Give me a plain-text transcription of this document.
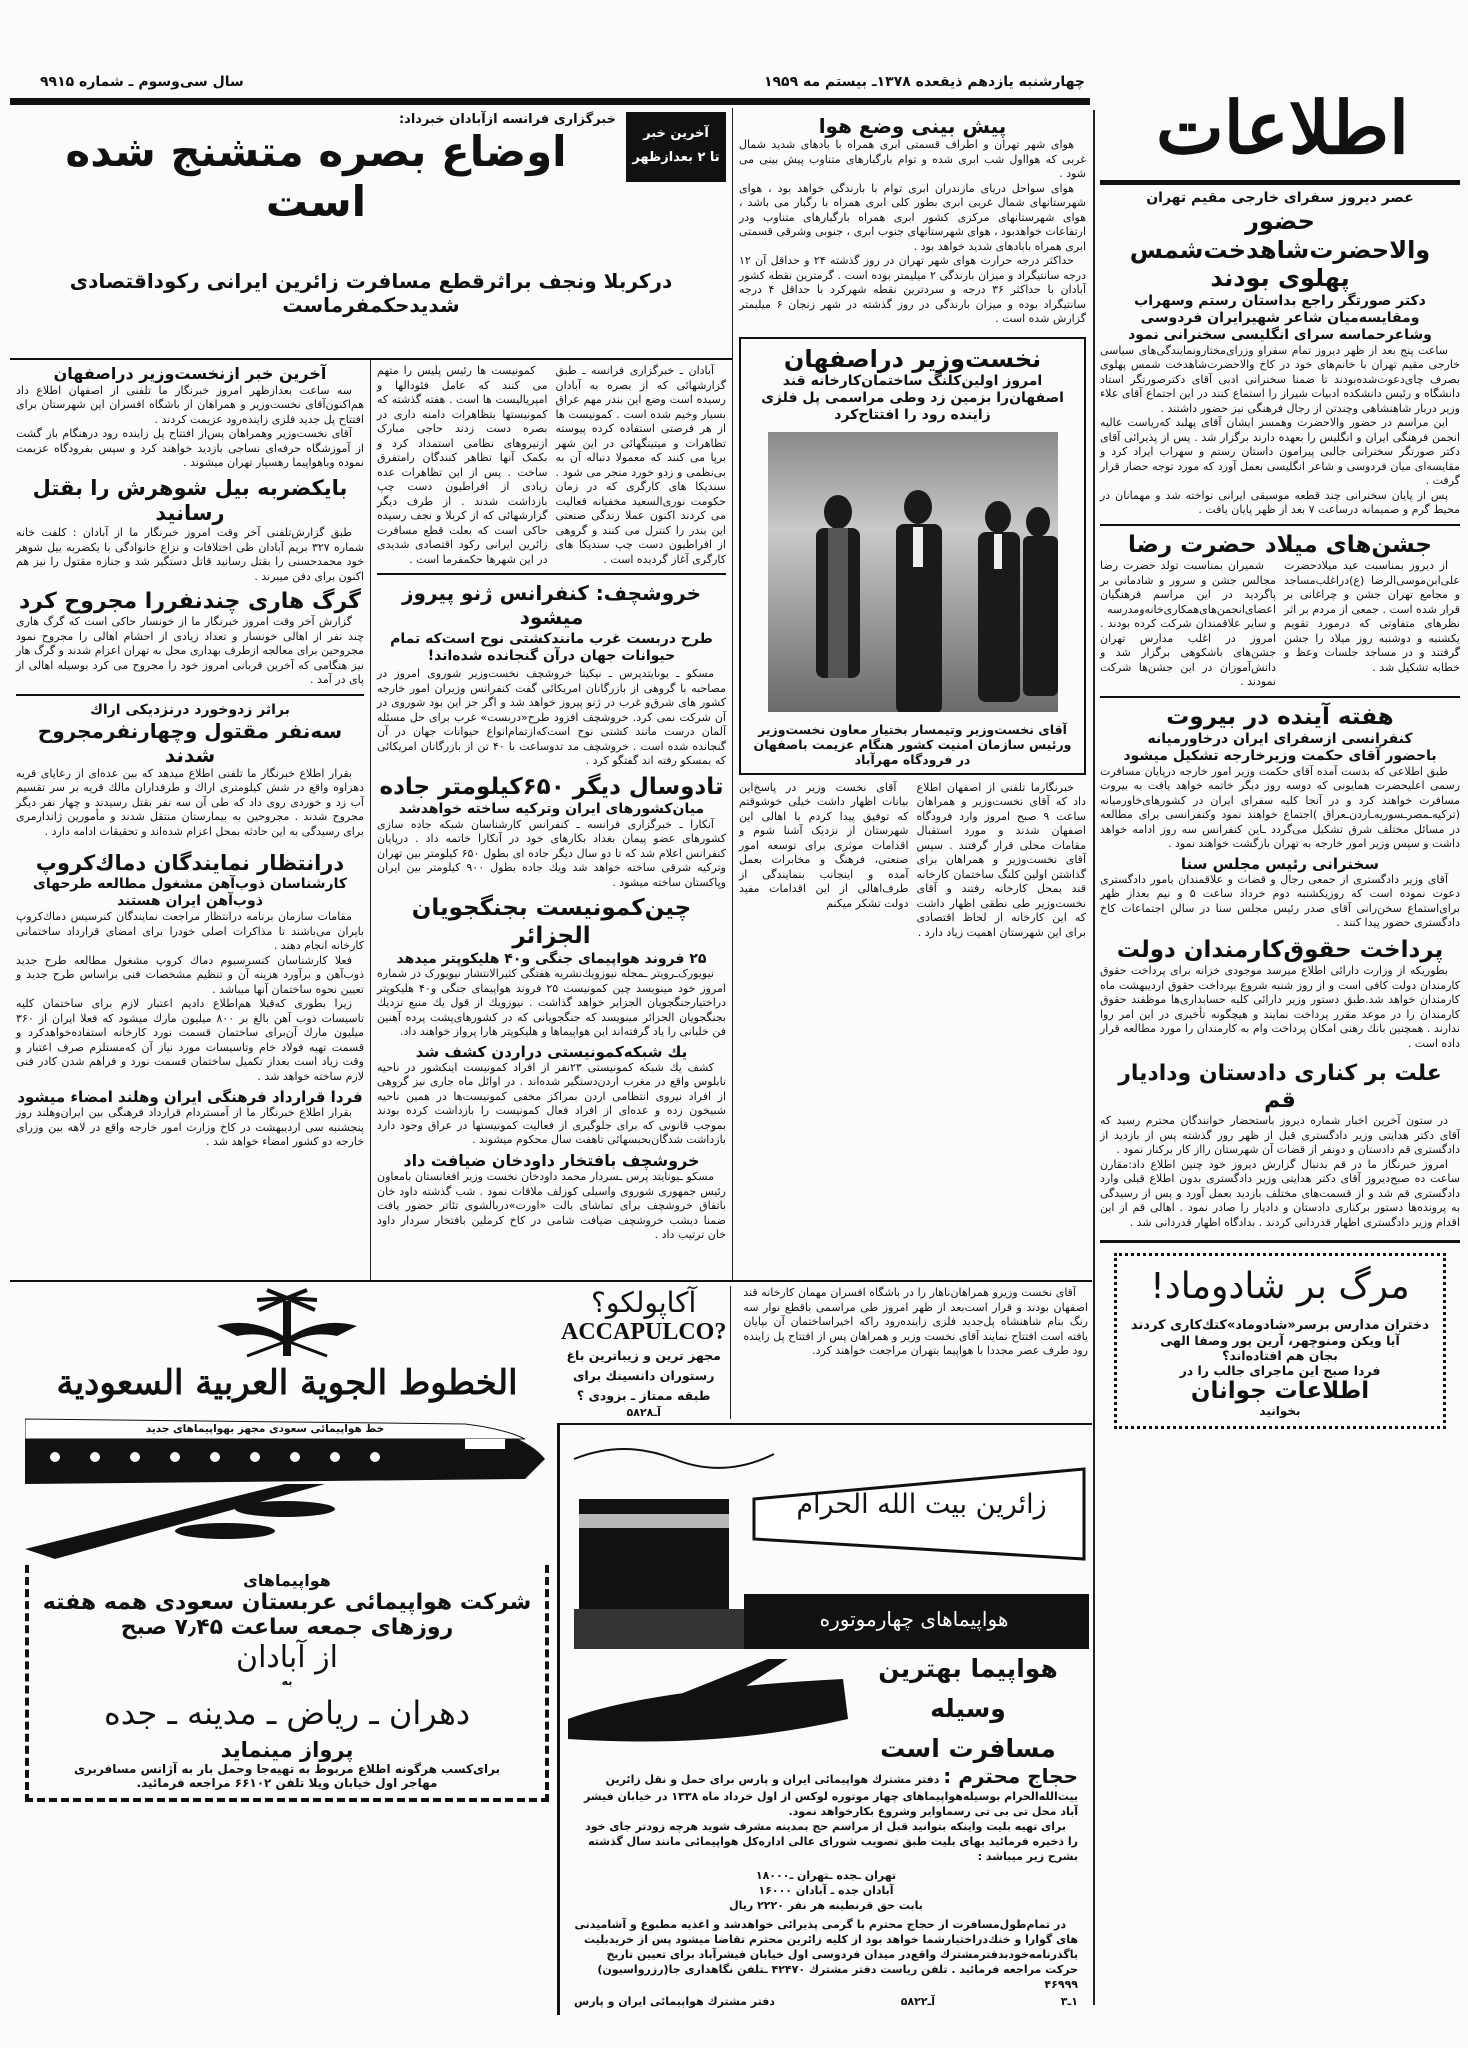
سال سی‌وسوم ـ شماره ۹۹۱۵	چهارشنبه یازدهم ذیقعده ۱۳۷۸ـ بیستم مه ۱۹۵۹
اطلاعات
پیش بینی وضع هوا
هوای شهر تهران و اطراف قسمتی ابری همراه با بادهای شدید شمال غربی که هوااول شب ابری شده و توام بارگبارهای متناوب پیش بینی می شود .
هوای سواحل دریای مازندران ابری توام با بارندگی خواهد بود ، هوای شهرستانهای شمال غربی ابری بطور کلی ابری همراه با رگبار می باشد ، هوای شهرستانهای مرکزی کشور ابری همراه بارگبارهای متناوب ودر ارتفاعات خواهدبود ، هوای شهرستانهای جنوب ابری ، جنوبی وشرقی قسمتی ابری همراه بابادهای شدید خواهد بود .
حداکثر درجه حرارت هوای شهر تهران در روز گذشته ۲۴ و حداقل آن ۱۲ درجه سانتیگراد و میزان بارندگی ۲ میلیمتر بوده است . گرمترین نقطه کشور آبادان با حداکثر ۳۶ درجه و سردترین نقطه شهرکرد با حداقل ۴ درجه سانتیگراد بوده و میزان بارندگی در روز گذشته در شهر زنجان ۶ میلیمتر گزارش شده است .
نخست‌وزیر دراصفهان
امروز اولین‌کلنگ ساختمان‌کارخانه قند اصفهان‌را بزمین زد وطی مراسمی پل فلزی زاینده رود را افتتاح‌کرد
آقای نخست‌وزیر وتیمسار بختیار معاون نخست‌وزیر ورئیس سازمان امنیت کشور هنگام عزیمت باصفهان در فرودگاه مهرآباد
خبرنگارما تلفنی از اصفهان اطلاع داد که آقای نخست‌وزیر و همراهان ساعت ۹ صبح امروز وارد فرودگاه اصفهان شدند و مورد استقبال مقامات محلی قرار گرفتند . سپس آقای نخست‌وزیر و همراهان برای گذاشتن اولین کلنگ ساختمان کارخانه قند بمحل کارخانه رفتند و آقای نخست‌وزیر طی نطقی اظهار داشت که این کارخانه از لحاظ اقتصادی برای این شهرستان اهمیت زیاد دارد .
آقای نخست وزیر در پاسخ‌این بیانات اظهار داشت خیلی خوشوقتم که توفیق پیدا کردم با اهالی این شهرستان از نزدیک آشنا شوم و اقدامات موثری برای توسعه امور صنعتی، فرهنگ و مخابرات بعمل آمده و اینجانب بنمایندگی از طرف‌اهالی از این اقدامات مفید دولت تشکر میکنم
آخرین خبر
تا ۲ بعدازظهر
خبرگزاری فرانسه ازآبادان خبرداد:
اوضاع بصره متشنج شده است
درکربلا ونجف براثرقطع مسافرت زائرین ایرانی رکوداقتصادی شدیدحکمفرماست
آبادان ـ خبرگزاری فرانسه ـ طبق گزارشهائی که از بصره به آبادان رسیده است وضع این بندر مهم عراق بسیار وخیم شده است . کمونیست ها از هر فرصتی استفاده کرده پیوسته تظاهرات و میتینگهائی در این شهر برپا می کنند که معمولا دنباله آن به بی‌نظمی و زدو خورد منجر می شود . سندیکا های کارگری که در زمان حکومت نوری‌السعید مخفیانه فعالیت می کردند اکنون عملا زندگی صنعتی این بندر را کنترل می کنند و گروهی از افراطیون دست چپ سندیکا های کارگری آغاز گردیده است .
کمونیست ها رئیس پلیس را متهم می کنند که عامل فئودالها و امپریالیست ها است . هفته گذشته که کمونیستها بتظاهرات دامنه داری در بصره دست زدند حاجی مبارک ازنیروهای نظامی استمداد کرد و بکمک آنها تظاهر کنندگان رامتفرق ساخت . پس از این تظاهرات عده زیادی از افراطیون دست چپ بازداشت شدند . از طرف دیگر گزارشهائی که از کربلا و نجف رسیده حاکی است که بعلت قطع مسافرت زائرین ایرانی رکود اقتصادی شدیدی در این شهرها حکمفرما است .
خروشچف: کنفرانس ژنو پیروز میشود
طرح دربست غرب مانندکشتی نوح است‌که تمام حیوانات جهان درآن گنجانده شده‌اند!
مسکو ـ یونایتدپرس ـ نیکیتا خروشچف نخست‌وزیر شوروی امروز در مصاحبه با گروهی از بازرگانان امریکائی گفت کنفرانس وزیران امور خارجه کشور های شرق‌و غرب در ژنو پیروز خواهد شد و اگر جز این بود شوروی در آن شرکت نمی کرد. خروشچف افزود طرح«دربست» غرب برای حل مسئله آلمان درست مانند کشتی نوح است‌که‌ازتمام‌انواع حیوانات جهان در آن گنجانده شده است . خروشچف مد تدوساعت با ۴۰ تن از بازرگانان امریکائی که بمسکو رفته اند گفتگو کرد .
تادوسال دیگر ۶۵۰کیلومتر جاده
میان‌کشورهای ایران وترکیه ساخته خواهدشد
آنکارا ـ خبرگزاری فرانسه ـ کنفرانس کارشناسان شبکه جاده سازی کشورهای عضو پیمان بغداد بکارهای خود در آنکارا خاتمه داد . درپایان کنفرانس اعلام شد که تا دو سال دیگر جاده ای بطول ۶۵۰ کیلومتر بین تهران وترکیه شرقی ساخته خواهد شد ویك جاده بطول ۹۰۰ کیلومتر بین ایران وپاکستان ساخته میشود .
چین‌کمونیست بجنگجویان الجزائر
۲۵ فروند هواپیمای جنگی و۴۰ هلیکوپتر میدهد
نیویورک‌ـرویتر ـمجله نیوزویك‌نشریه هفتگی کثیرالانتشار نیویورک در شماره امروز خود مینویسد چین کمونیست ۲۵ فروند هواپیمای جنگی و۴۰ هلیکوپتر دراختیارجنگجویان الجزایر خواهد گذاشت . نیوزویك از قول یك منبع نزدیك بجنگجویان الجزائر مینویسد که جنگجویانی که در کشورهای‌پشت پرده آهنین فن خلبانی را یاد گرفته‌اند این هواپیماها و هلیکوپتر ها‌را پرواز خواهند داد.
یك شبکه‌کمونیستی دراردن کشف شد
کشف یك شبکه کمونیستی ۲۳نفر از افراد کمونیست اینکشور در ناحیه نابلوس واقع در مغرب اردن‌دستگیر شده‌اند . در اوائل ماه جاری نیز گروهی از افراد نیروی انتظامی اردن بمراکز مخفی کمونیست‌ها در همین ناحیه شبیخون زده و عده‌ای از افراد فعال کمونیست را بازداشت کرده بودند بموجب قانونی که برای جلوگیری از فعالیت کمونیستها در عراق وجود دارد بازداشت شدگان‌بحبسهائی تاهفت سال محکوم میشوند .
خروشچف بافتخار داودخان ضیافت داد
مسکو ـیونایتد پرس ـسردار محمد داودخان نخست وزیر افغانستان بامعاون رئیس جمهوری شوروی واسیلی کوزلف ملاقات نمود . شب گذشته داود خان باتفاق خروشچف برای تماشای بالت «اورت»دربالشوی تئاتر حضور یافت ضمنا دیشب خروشچف ضیافت شامی در کاخ کرملین بافتخار سردار داود خان ترتیب داد .
آخرین خبر ازنخست‌وزیر دراصفهان
سه ساعت بعدازظهر امروز خبرنگار ما تلفنی از اصفهان اطلاع داد هم‌اکنون‌آقای نخست‌وزیر و همراهان از باشگاه افسران این شهرستان برای افتتاح پل جدید فلزی زاینده‌رود عزیمت کردند .
آقای نخست‌وزیر وهمراهان پس‌از افتتاح پل زاینده رود درهنگام باز گشت از آموزشگاه حرفه‌ای نساجی بازدید خواهند کرد و سپس بفرودگاه عزیمت نموده وباهواپیما رهسپار تهران میشوند .
بایکضربه بیل شوهرش را بقتل رسانید
طبق گزارش‌تلفنی آخر وقت امروز خبرنگار ما از آبادان : کلفت خانه شماره ۳۲۷ بریم آبادان طی اختلافات و نزاع خانوادگی با یکضربه بیل شوهر خود محمدحسنی را بقتل رسانید قاتل دستگیر شد و جنازه مقتول را نیز هم اکنون برای دفن میبرند .
گرگ هاری چندنفررا مجروح کرد
گزارش آخر وقت امروز خبرنگار ما از خونسار حاکی است که گرگ هاری چند نفر از اهالی خونسار و تعداد زیادی از احشام اهالی را مجروح نمود مجروحین برای معالجه ازطرف بهداری محل به تهران اعزام شدند و گرگ هار نیز هنگامی که آخرین قربانی امروز خود را مجروح می کرد بوسیله اهالی از پای در آمد .
براثر زدوخورد درنزدیکی اراك
سه‌نفر مقتول وچهارنفرمجروح شدند
بقرار اطلاع خبرنگار ما تلفنی اطلاع میدهد که بین عده‌ای از رعایای قریه دهزاوه واقع در شش کیلومتری اراك و طرفداران مالك قریه بر سر تقسیم آب زد و خوردی روی داد که طی آن سه نفر بقتل رسیدند و چهار نفر دیگر مجروح شدند . مجروحین به بیمارستان منتقل شدند و مأمورین ژاندارمری برای رسیدگی به این حادثه بمحل اعزام شده‌اند و تحقیقات ادامه دارد .
درانتظار نمایندگان دماك‌کروپ
کارشناسان ذوب‌آهن مشغول مطالعه طرحهای ذوب‌آهن ایران هستند
مقامات سازمان برنامه درانتظار مراجعت نمایندگان کنرسیس دماك‌کروپ بایران می‌باشند تا مذاکرات اصلی خودرا برای امضای قرارداد ساختمانی کارخانه انجام دهند .
فعلا کارشناسان کنسرسیوم دماك کروپ مشغول مطالعه طرح جدید ذوب‌آهن و برآورد هزینه آن و تنظیم مشخصات فنی براساس طرح جدید و تعیین نحوه ساختمان آنها میباشد .
زیرا بطوری که‌قبلا هم‌اطلاع دادیم اعتبار لازم برای ساختمان کلیه تاسیسات ذوب آهن بالغ بر ۸۰۰ میلیون مارك میشود که فعلا ایران از ۳۶۰ میلیون مارك آن‌برای ساختمان قسمت نورد کارخانه استفاده‌خواهدکرد و قسمت تهیه فولاد خام وتاسیسات مورد نیاز آن که‌مستلزم صرف اعتبار و وقت زیاد است بعداز تکمیل ساختمان قسمت نورد و فراهم شدن کادر فنی لازم ساخته خواهد شد .
فردا قرارداد فرهنگی ایران وهلند امضاء میشود
بقرار اطلاع خبرنگار ما از آمستردام قرارداد فرهنگی بین ایران‌وهلند روز پنجشنبه سی اردیبهشت در کاخ وزارت امور خارجه واقع در لاهه بین وزرای خارجه دو کشور امضاء خواهد شد .
آقای نخست وزیرو همراهان‌ناهار را در باشگاه افسران مهمان کارخانه قند اصفهان بودند و قرار است‌بعد از ظهر امروز طی مراسمی باقطع نوار سه رنگ بنام شاهنشاه پل‌جدید فلزی زاینده‌رود راکه اخیرا‌ساختمان آن بپایان یافته است افتتاح نمایند آقای نخست وزیر و همراهان پس از افتتاح پل زاینده رود طرف عصر مجددا با هواپیما بتهران مراجعت خواهند کرد.
آکاپولکو؟
ACCAPULCO?
مجهز ترین و زیباترین باغ رستوران دانسینك برای طبقه ممتاز ـ بزودی ؟
آـ۵۸۲۸
زائرین بیت الله الحرام
هواپیماهای چهارموتوره
هواپیما بهترین وسیله
مسافرت است
حجاج محترم : دفتر مشترك هواپیمائی ایران و پارس برای حمل و نقل زائرین بیت‌الله‌الحرام بوسیله‌هواپیماهای چهار موتوره لوکس از اول خرداد ماه ۱۳۳۸ در خیابان فیشر آباد محل تی بی تی رسماوایر وشروع بکارخواهد نمود.
برای تهیه بلیت واینکه بتوانید قبل از مراسم حج بمدینه مشرف شوید هرچه زودتر جای خود را ذخیره فرمائید بهای بلیت طبق تصویب شورای عالی اداره‌کل هواپیمائی مانند سال گذشته بشرح زیر میباشد :
تهران ـجده ـتهران ـ۱۸۰۰۰
آبادان جده ـ آبادان ۱۶۰۰۰
بابت حق قرنطینه هر نفر ۲۲۲۰ ریال
در تمام‌طول‌مسافرت از حجاج محترم با گرمی پذیرائی خواهدشد و اغذیه مطبوع و آشامیدنی های گوارا و خنك‌دراختیارشما خواهد بود از کلیه زائرین محترم تقاضا میشود پس از خریدبلیت باگذرنامه‌خودبدفترمشترك واقع‌در میدان فردوسی اول خیابان فیشرآباد برای تعیین تاریخ حرکت مراجعه فرمائید . تلفن ریاست دفتر مشترك ۴۲۴۷۰ ـتلفن نگاهداری جا(رزرواسیون) ۴۶۹۹۹
۱ـ۳
آـ۵۸۲۲
دفتر مشترك هواپیمائی ایران و پارس
الخطوط الجوية العربية السعودية
خط هواپیمائی سعودی مجهز بهواپیماهای جدید
هواپیماهای
شرکت هواپیمائی عربستان سعودی همه هفته
روزهای جمعه ساعت ۷٫۴۵ صبح
از آبادان
به
دهران ـ ریاض ـ مدینه ـ جده
پرواز مینماید
برای‌کسب هرگونه اطلاع مربوط به تهیه‌جا وحمل بار به آژانس مسافربری مهاجر اول خیابان ویلا تلفن ۶۶۱۰۲ مراجعه فرمائید.
عصر دیروز سفرای خارجی مقیم تهران
حضور والاحضرت‌شاهدخت‌شمس پهلوی بودند
دکتر صورتگر راجع بداستان رستم وسهراب ومقایسه‌میان شاعر شهیرایران فردوسی وشاعرحماسه سرای انگلیسی سخنرانی نمود
ساعت پنج بعد از ظهر دیروز تمام سفراو وزرای‌مختارونمایندگی‌های سیاسی خارجی مقیم تهران با خانم‌های خود در کاخ والاحضرت‌شاهدخت شمس پهلوی بصرف چای‌دعوت‌شده‌بودند تا ضمنا سخنرانی ادبی آقای دکترصورتگر استاد دانشگاه و رئیس دانشکده ادبیات شیراز را استماع کنند در این اجتماع آقای علاء وزیر دربار شاهنشاهی وچندتن از رجال فرهنگی نیز حضور داشتند .
این مراسم در حضور والاحضرت وهمسر ایشان آقای پهلبد که‌ریاست عالیه انجمن فرهنگی ایران و انگلیس را بعهده دارند برگزار شد . پس از پذیرائی آقای دکتر صورتگر سخنرانی جالبی پیرامون داستان رستم و سهراب ایراد کرد و مقایسه‌ای میان فردوسی و شاعر انگلیسی بعمل آورد که مورد توجه حضار قرار گرفت .
پس از پایان سخنرانی چند قطعه موسیقی ایرانی نواخته شد و مهمانان در محیط گرم و صمیمانه درساعت ۷ بعد از ظهر پایان یافت .
جشن‌های میلاد حضرت رضا
از دیروز بمناسبت عید میلادحضرت علی‌ابن‌موسی‌الرضا (ع)دراغلب‌مساجد و مجامع تهران جشن و چراغانی بر قرار شده است . جمعی از مردم بر اثر نظرهای متفاوتی که درمورد تقویم یکشنبه و دوشنبه روز میلاد را جشن گرفتند و در مساجد جلسات وعظ و خطابه تشکیل شد .
شمیران بمناسبت تولد حضرت رضا مجالس جشن و سرور و شادمانی بر پاگردید در این مراسم فرهنگیان اعضای‌انجمن‌های‌همکاری‌خانه‌ومدرسه و سایر علاقمندان شرکت کرده بودند . امروز در اغلب مدارس تهران جشن‌های باشکوهی برگزار شد و دانش‌آموزان در این جشن‌ها شرکت نمودند .
هفته آینده در بیروت
کنفرانسی ازسفرای ایران درخاورمیانه
باحضور آقای حکمت وزیرخارجه تشکیل میشود
طبق اطلاعی که بدست آمده آقای حکمت وزیر امور خارجه درپایان مسافرت رسمی اعلیحضرت همایونی که دوسه روز دیگر خاتمه خواهد یافت به بیروت مسافرت خواهند کرد و در آنجا کلیه سفرای ایران در کشورهای‌خاورمیانه (ترکیه‌ـمصرـسوریه‌ـاردن‌ـعراق )اجتماع خواهند نمود وکنفرانسی برای مطالعه در مسائل مختلف شرق تشکیل می‌گردد ـاین کنفرانس سه روز ادامه خواهد داشت و سپس وزیر امور خارجه به تهران بازگشت خواهند نمود .
سخنرانی رئیس مجلس سنا
آقای وزیر دادگستری از جمعی رجال و قضات و علاقمندان بامور دادگستری دعوت نموده است که روزیکشنبه دوم خرداد ساعت ۵ و نیم بعداز ظهر برای‌استماع سخن‌رانی آقای صدر رئیس مجلس سنا در سالن اجتماعات کاخ دادگستری حضور پیدا کنند .
پرداخت حقوق‌کارمندان دولت
بطوریکه از وزارت دارائی اطلاع میرسد موجودی خزانه برای پرداخت حقوق کارمندان دولت کافی است و از روز شنبه شروع بپرداخت حقوق اردیبهشت ماه کارمندان خواهد شد.طبق دستور وزیر دارائی کلیه حسابداری‌ها موظفند حقوق کارمندان را در موعد مقرر پرداخت نمایند و هیچگونه تأخیری در این امر روا ندارند . همچنین بانك رهنی امکان پرداخت وام به کارمندان را مورد مطالعه قرار داده است .
علت بر کناری دادستان ودادیار قم
در ستون آخرین اخبار شماره دیروز باستحضار خوانندگان محترم رسید که آقای دکتر هدایتی وزیر دادگستری قبل از ظهر روز گذشته پس از بازدید از دادگستری قم دادستان و دونفر از قضات آن شهرستان رااز کار برکنار نمود .
امروز خبرنگار ما در قم بدنبال گزارش دیروز خود چنین اطلاع داد:مقارن ساعت ده صبح‌دیروز آقای دکتر هدایتی وزیر دادگستری بدون اطلاع قبلی وارد دادگستری قم شد و از قسمت‌های مختلف بازدید بعمل آورد و پس از رسیدگی به پرونده‌ها دستور برکناری دادستان و دادیار را صادر نمود . اهالی قم از این اقدام وزیر دادگستری اظهار قدردانی کردند . بدادگاه اظهار قدردانی شد .
مرگ بر شادوماد!
دختران مدارس برسر«شادوماد»کتك‌کاری کردند
آیا ویکن ومنوچهر، آرین پور وصفا الهی
بجان هم افتاده‌اند؟
فردا صبح این ماجرای جالب را در
اطلاعات جوانان
بخوانید
